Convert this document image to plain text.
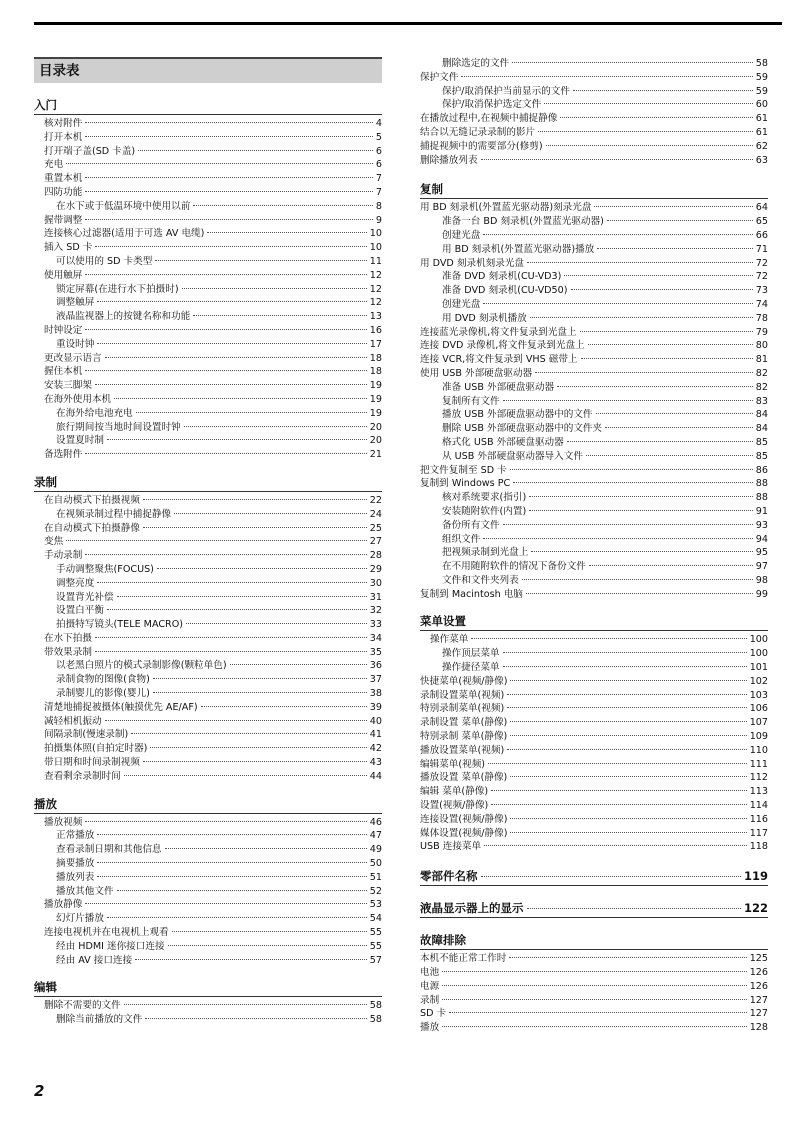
目录表
入门
核对附件	4
打开本机	5
打开端子盖(SD 卡盖)	6
充电	6
重置本机	7
四防功能	7
在水下或于低温环境中使用以前	8
握带调整	9
连接核心过滤器(适用于可选 AV 电缆)	10
插入 SD 卡	10
可以使用的 SD 卡类型	11
使用触屏	12
锁定屏幕(在进行水下拍摄时)	12
调整触屏	12
液晶监视器上的按键名称和功能	13
时钟设定	16
重设时钟	17
更改显示语言	18
握住本机	18
安装三脚架	19
在海外使用本机	19
在海外给电池充电	19
旅行期间按当地时间设置时钟	20
设置夏时制	20
备选附件	21
录制
在自动模式下拍摄视频	22
在视频录制过程中捕捉静像	24
在自动模式下拍摄静像	25
变焦	27
手动录制	28
手动调整聚焦(FOCUS)	29
调整亮度	30
设置背光补偿	31
设置白平衡	32
拍摄特写镜头(TELE MACRO)	33
在水下拍摄	34
带效果录制	35
以老黑白照片的模式录制影像(颗粒单色)	36
录制食物的图像(食物)	37
录制婴儿的影像(婴儿)	38
清楚地捕捉被摄体(触摸优先 AE/AF)	39
减轻相机振动	40
间隔录制(慢速录制)	41
拍摄集体照(自拍定时器)	42
带日期和时间录制视频	43
查看剩余录制时间	44
播放
播放视频	46
正常播放	47
查看录制日期和其他信息	49
摘要播放	50
播放列表	51
播放其他文件	52
播放静像	53
幻灯片播放	54
连接电视机并在电视机上观看	55
经由 HDMI 迷你接口连接	55
经由 AV 接口连接	57
编辑
删除不需要的文件	58
删除当前播放的文件	58
删除选定的文件	58
保护文件	59
保护/取消保护当前显示的文件	59
保护/取消保护选定文件	60
在播放过程中,在视频中捕捉静像	61
结合以无缝记录录制的影片	61
捕捉视频中的需要部分(修剪)	62
删除播放列表	63
复制
用 BD 刻录机(外置蓝光驱动器)刻录光盘	64
准备一台 BD 刻录机(外置蓝光驱动器)	65
创建光盘	66
用 BD 刻录机(外置蓝光驱动器)播放	71
用 DVD 刻录机刻录光盘	72
准备 DVD 刻录机(CU-VD3)	72
准备 DVD 刻录机(CU-VD50)	73
创建光盘	74
用 DVD 刻录机播放	78
连接蓝光录像机,将文件复录到光盘上	79
连接 DVD 录像机,将文件复录到光盘上	80
连接 VCR,将文件复录到 VHS 磁带上	81
使用 USB 外部硬盘驱动器	82
准备 USB 外部硬盘驱动器	82
复制所有文件	83
播放 USB 外部硬盘驱动器中的文件	84
删除 USB 外部硬盘驱动器中的文件夹	84
格式化 USB 外部硬盘驱动器	85
从 USB 外部硬盘驱动器导入文件	85
把文件复制至 SD 卡	86
复制到 Windows PC	88
核对系统要求(指引)	88
安装随附软件(内置)	91
备份所有文件	93
组织文件	94
把视频录制到光盘上	95
在不用随附软件的情况下备份文件	97
文件和文件夹列表	98
复制到 Macintosh 电脑	99
菜单设置
操作菜单	100
操作顶层菜单	100
操作捷径菜单	101
快捷菜单(视频/静像)	102
录制设置菜单(视频)	103
特别录制菜单(视频)	106
录制设置 菜单(静像)	107
特别录制 菜单(静像)	109
播放设置菜单(视频)	110
编辑菜单(视频)	111
播放设置 菜单(静像)	112
编辑 菜单(静像)	113
设置(视频/静像)	114
连接设置(视频/静像)	116
媒体设置(视频/静像)	117
USB 连接菜单	118
零部件名称	119
液晶显示器上的显示	122
故障排除
本机不能正常工作时	125
电池	126
电源	126
录制	127
SD 卡	127
播放	128
2
